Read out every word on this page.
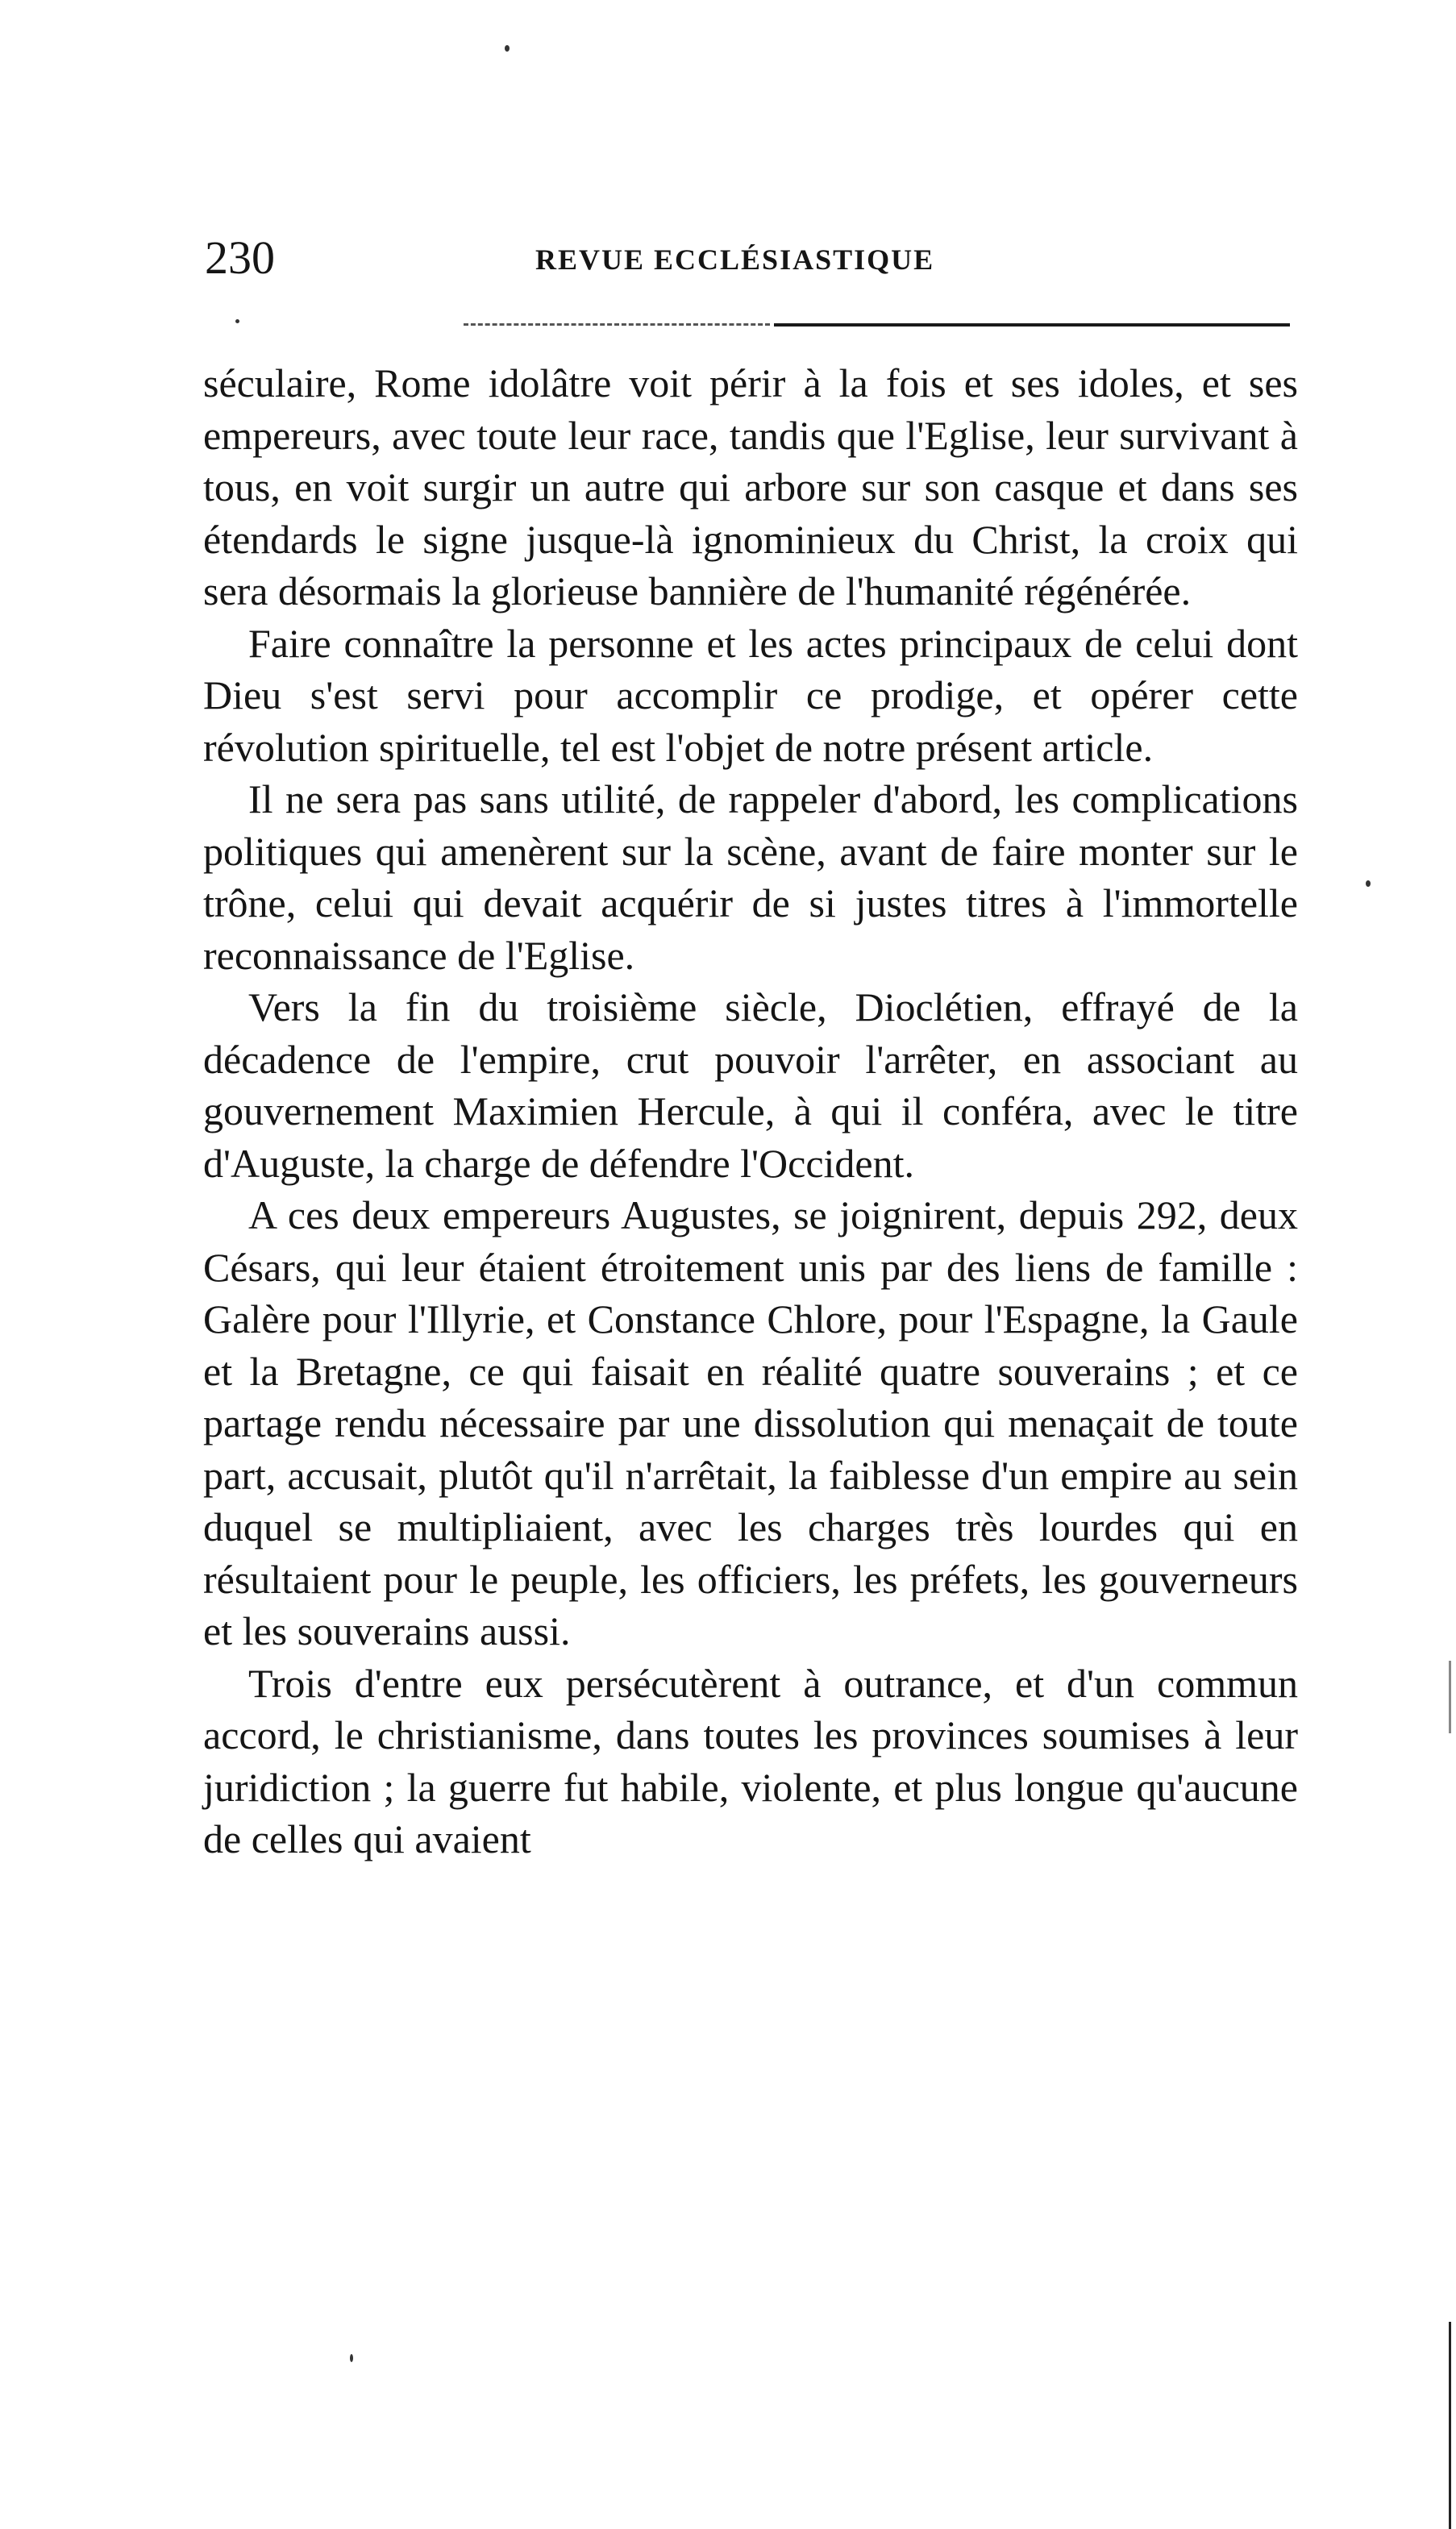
230	REVUE ECCLÉSIASTIQUE

séculaire, Rome idolâtre voit périr à la fois et ses idoles, et ses empereurs, avec toute leur race, tandis que l'Eglise, leur survivant à tous, en voit surgir un autre qui arbore sur son casque et dans ses étendards le signe jusque-là ignominieux du Christ, la croix qui sera désormais la glorieuse bannière de l'humanité régénérée.

Faire connaître la personne et les actes principaux de celui dont Dieu s'est servi pour accomplir ce prodige, et opérer cette révolution spirituelle, tel est l'objet de notre présent article.

Il ne sera pas sans utilité, de rappeler d'abord, les complications politiques qui amenèrent sur la scène, avant de faire monter sur le trône, celui qui devait acquérir de si justes titres à l'immortelle reconnaissance de l'Eglise.

Vers la fin du troisième siècle, Dioclétien, effrayé de la décadence de l'empire, crut pouvoir l'arrêter, en associant au gouvernement Maximien Hercule, à qui il conféra, avec le titre d'Auguste, la charge de défendre l'Occident.

A ces deux empereurs Augustes, se joignirent, depuis 292, deux Césars, qui leur étaient étroitement unis par des liens de famille : Galère pour l'Illyrie, et Constance Chlore, pour l'Espagne, la Gaule et la Bretagne, ce qui faisait en réalité quatre souverains ; et ce partage rendu nécessaire par une dissolution qui menaçait de toute part, accusait, plutôt qu'il n'arrêtait, la faiblesse d'un empire au sein duquel se multipliaient, avec les charges très lourdes qui en résultaient pour le peuple, les officiers, les préfets, les gouverneurs et les souverains aussi.

Trois d'entre eux persécutèrent à outrance, et d'un commun accord, le christianisme, dans toutes les provinces soumises à leur juridiction ; la guerre fut habile, violente, et plus longue qu'aucune de celles qui avaient
